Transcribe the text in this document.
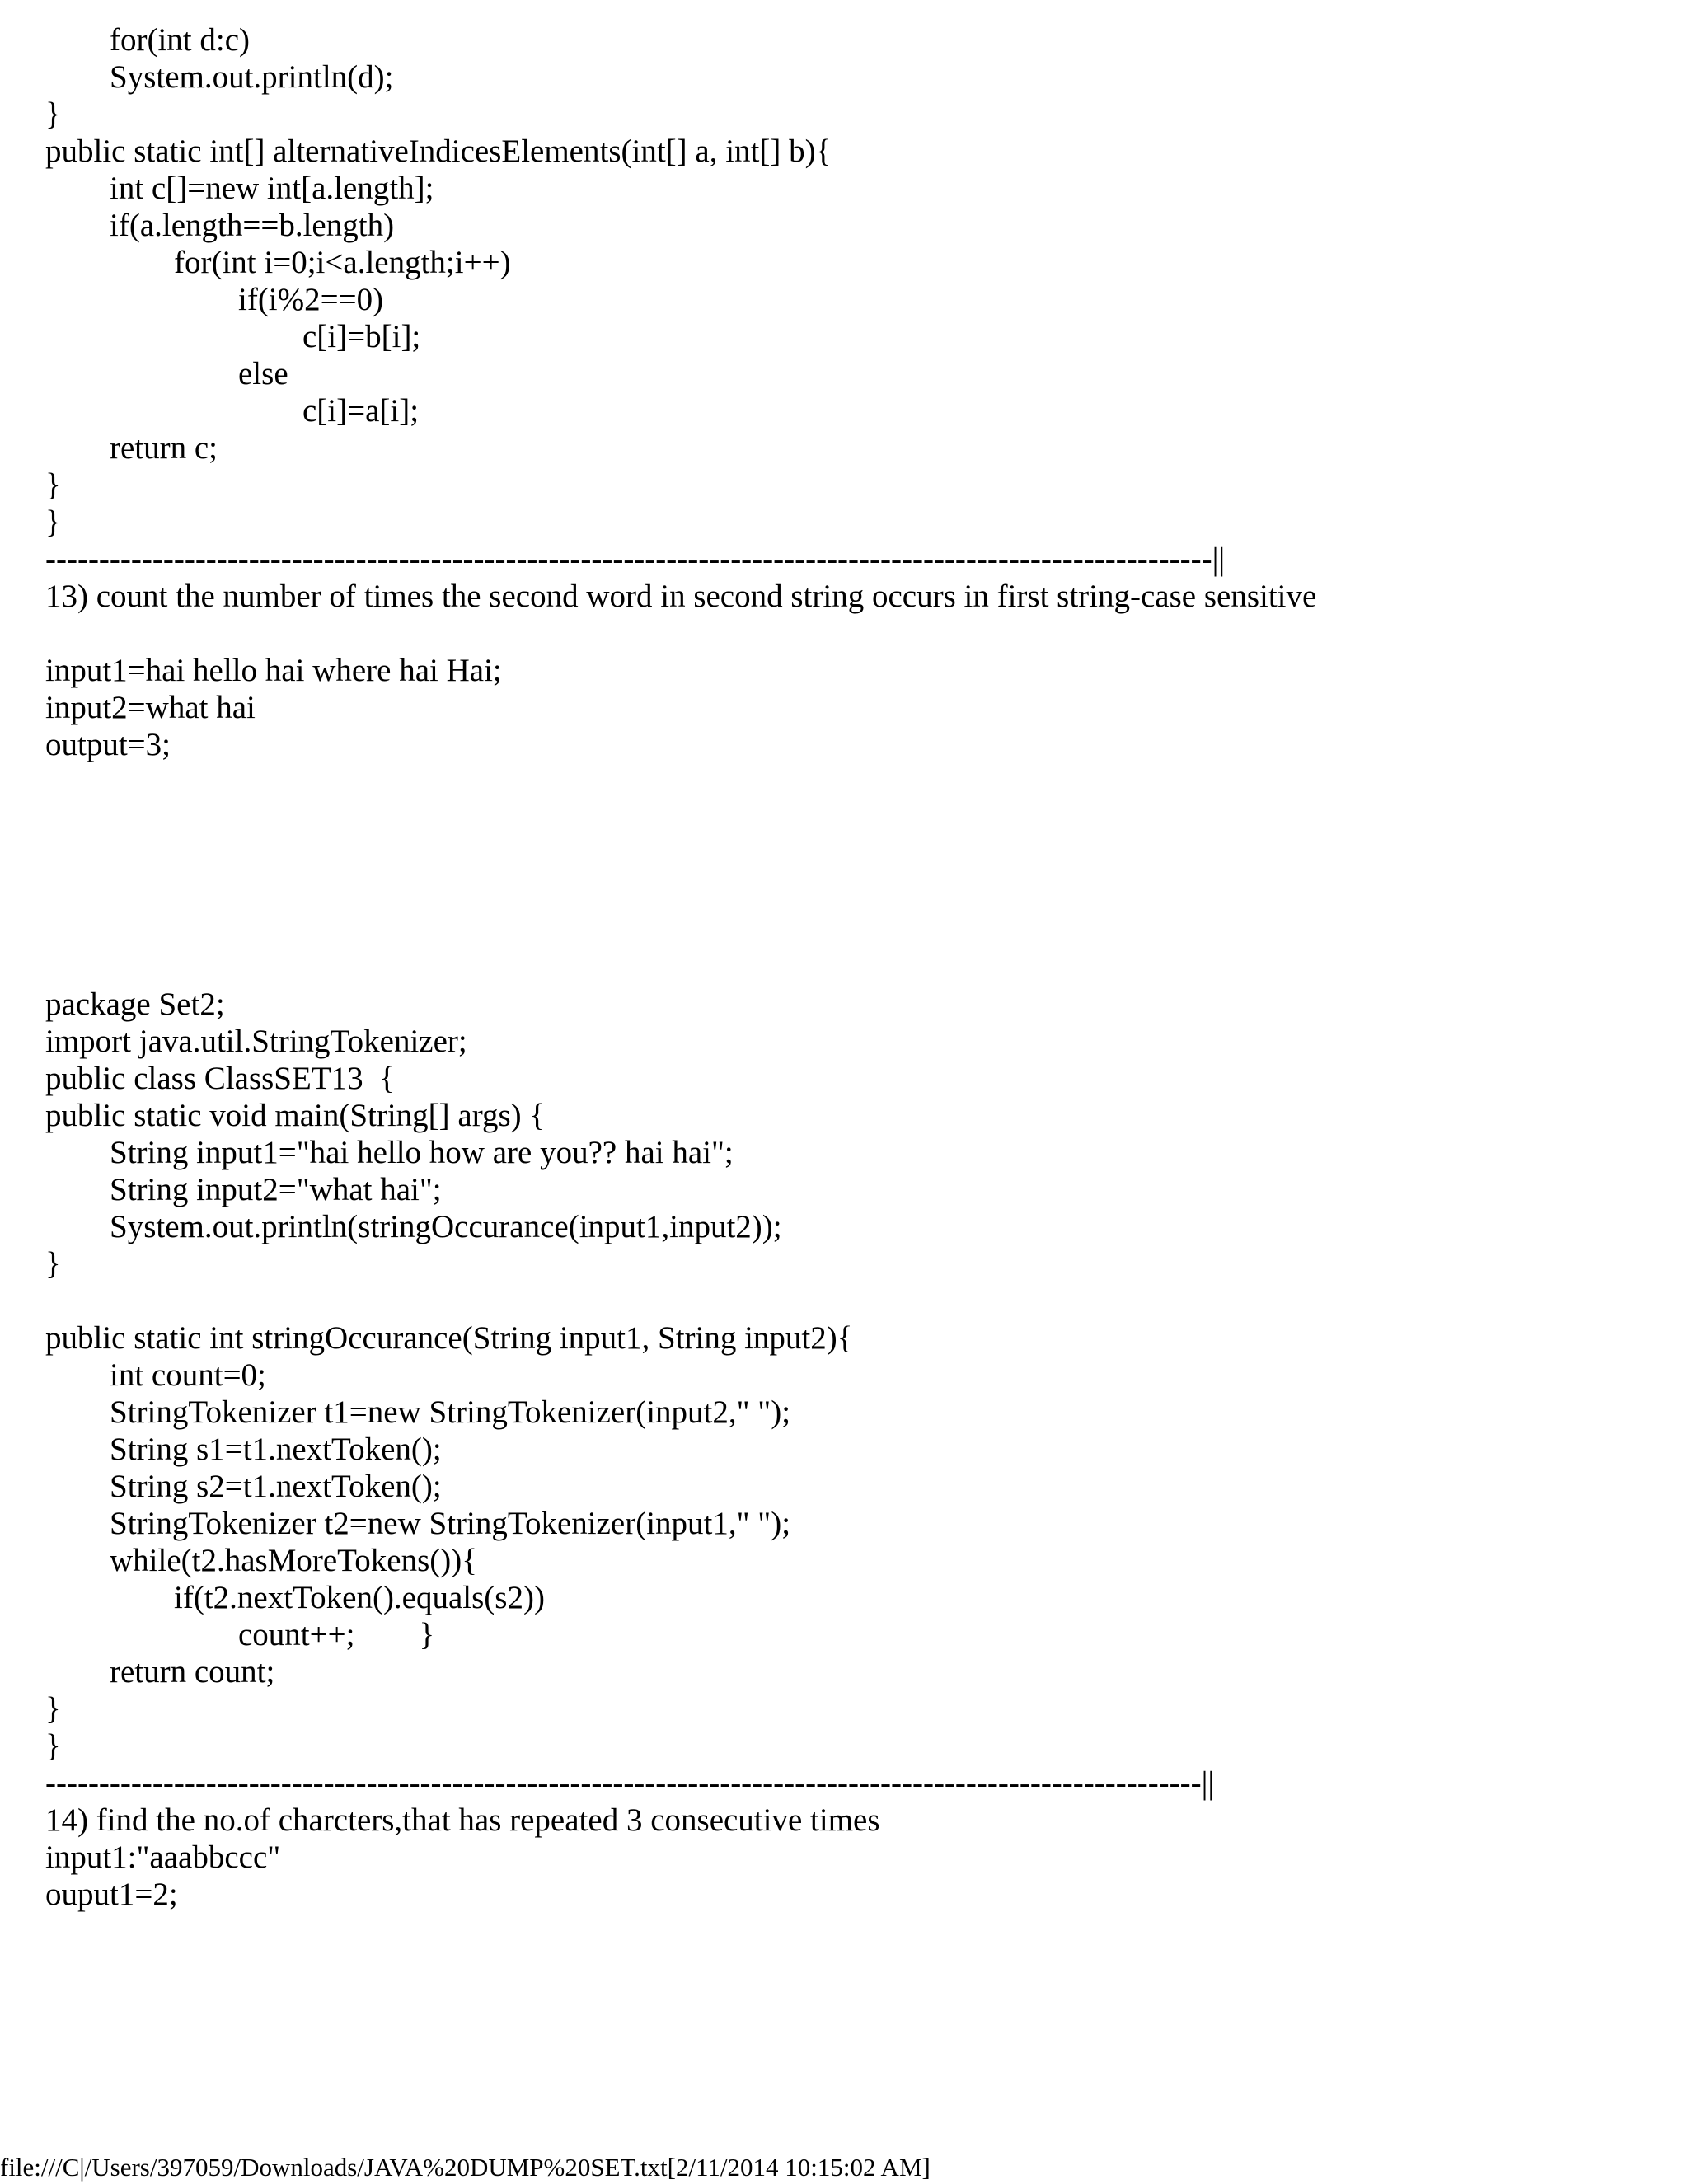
for(int d:c)
System.out.println(d);
}
public static int[] alternativeIndicesElements(int[] a, int[] b){
int c[]=new int[a.length];
if(a.length==b.length)
for(int i=0;i<a.length;i++)
if(i%2==0)
c[i]=b[i];
else
c[i]=a[i];
return c;
}
}
-------------------------------------------------------------------------------------------------------------||
13) count the number of times the second word in second string occurs in first string-case sensitive
input1=hai hello hai where hai Hai;
input2=what hai
output=3;
package Set2;
import java.util.StringTokenizer;
public class ClassSET13  {
public static void main(String[] args) {
String input1="hai hello how are you?? hai hai";
String input2="what hai";
System.out.println(stringOccurance(input1,input2));
}
public static int stringOccurance(String input1, String input2){
int count=0;
StringTokenizer t1=new StringTokenizer(input2," ");
String s1=t1.nextToken();
String s2=t1.nextToken();
StringTokenizer t2=new StringTokenizer(input1," ");
while(t2.hasMoreTokens()){
if(t2.nextToken().equals(s2))
count++;        }
return count;
}
}
------------------------------------------------------------------------------------------------------------||
14) find the no.of charcters,that has repeated 3 consecutive times
input1:"aaabbccc"
ouput1=2;
file:///C|/Users/397059/Downloads/JAVA%20DUMP%20SET.txt[2/11/2014 10:15:02 AM]
